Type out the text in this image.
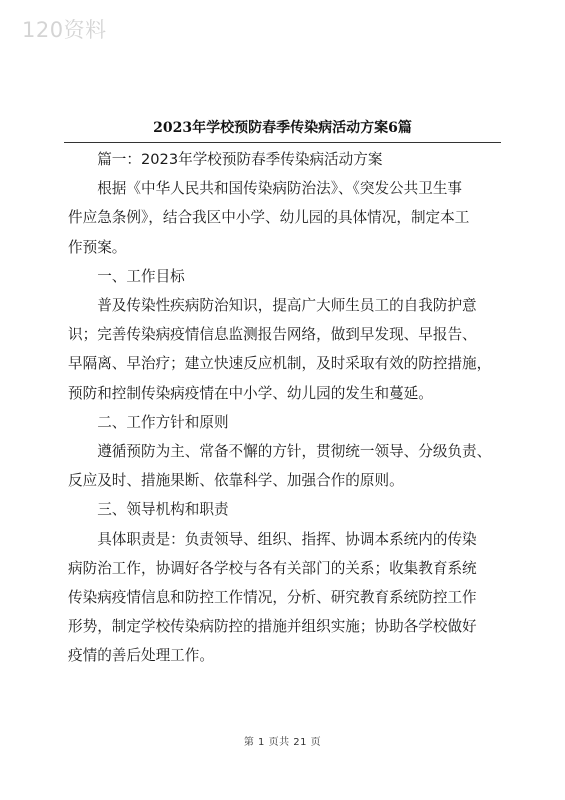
120资料
2023年学校预防春季传染病活动方案6篇
篇一：2023年学校预防春季传染病活动方案
根据《中华人民共和国传染病防治法》、《突发公共卫生事
件应急条例》，结合我区中小学、幼儿园的具体情况，制定本工
作预案。
一、工作目标
普及传染性疾病防治知识，提高广大师生员工的自我防护意
识；完善传染病疫情信息监测报告网络，做到早发现、早报告、
早隔离、早治疗；建立快速反应机制，及时采取有效的防控措施，
预防和控制传染病疫情在中小学、幼儿园的发生和蔓延。
二、工作方针和原则
遵循预防为主、常备不懈的方针，贯彻统一领导、分级负责、
反应及时、措施果断、依靠科学、加强合作的原则。
三、领导机构和职责
具体职责是：负责领导、组织、指挥、协调本系统内的传染
病防治工作，协调好各学校与各有关部门的关系；收集教育系统
传染病疫情信息和防控工作情况，分析、研究教育系统防控工作
形势，制定学校传染病防控的措施并组织实施；协助各学校做好
疫情的善后处理工作。
第 1 页共 21 页
